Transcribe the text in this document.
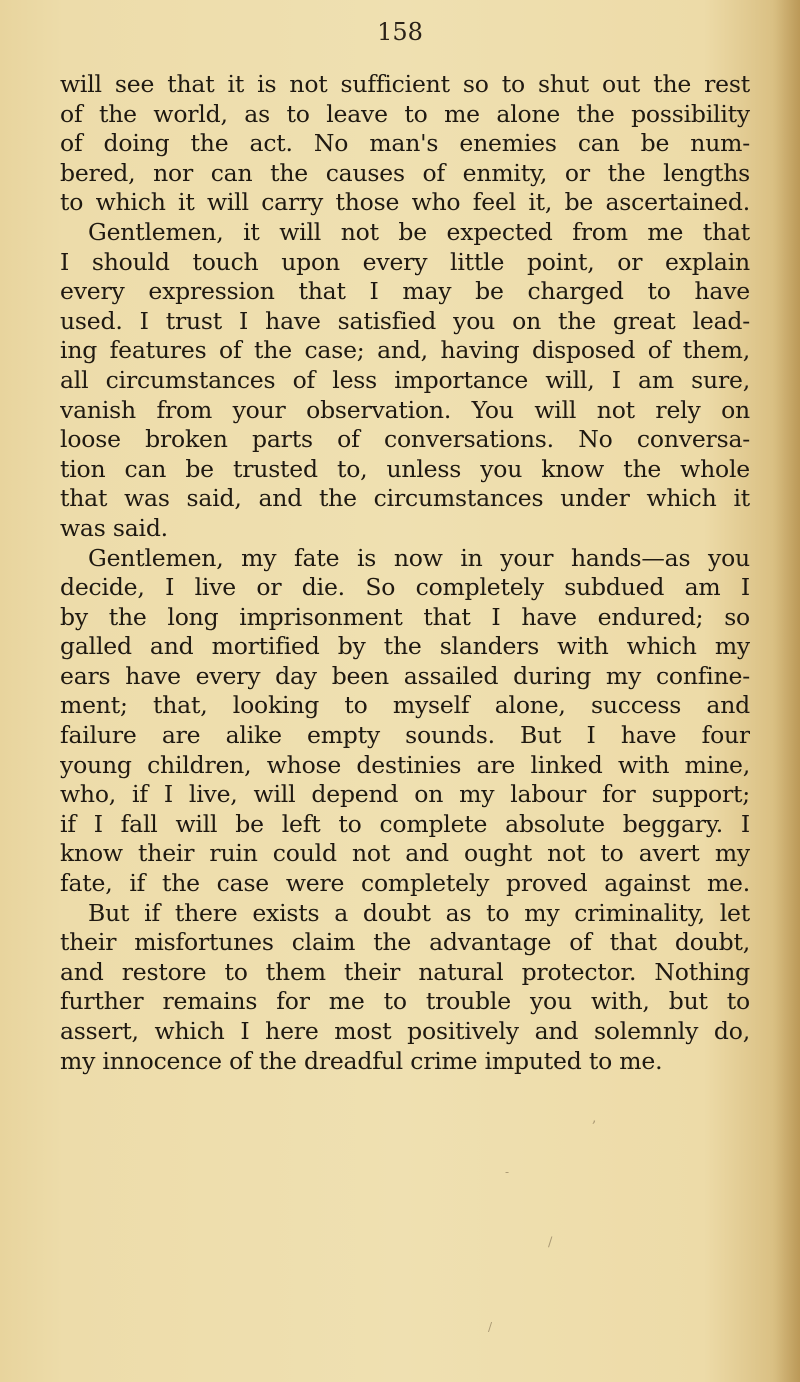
158

will see that it is not sufficient so to shut out the rest
of the world, as to leave to me alone the possibility
of doing the act. No man's enemies can be num-
bered, nor can the causes of enmity, or the lengths
to which it will carry those who feel it, be ascertained.
Gentlemen, it will not be expected from me that
I should touch upon every little point, or explain
every expression that I may be charged to have
used. I trust I have satisfied you on the great lead-
ing features of the case; and, having disposed of them,
all circumstances of less importance will, I am sure,
vanish from your observation. You will not rely on
loose broken parts of conversations. No conversa-
tion can be trusted to, unless you know the whole
that was said, and the circumstances under which it
was said.
Gentlemen, my fate is now in your hands—as you
decide, I live or die. So completely subdued am I
by the long imprisonment that I have endured; so
galled and mortified by the slanders with which my
ears have every day been assailed during my confine-
ment; that, looking to myself alone, success and
failure are alike empty sounds. But I have four
young children, whose destinies are linked with mine,
who, if I live, will depend on my labour for support;
if I fall will be left to complete absolute beggary. I
know their ruin could not and ought not to avert my
fate, if the case were completely proved against me.
But if there exists a doubt as to my criminality, let
their misfortunes claim the advantage of that doubt,
and restore to them their natural protector. Nothing
further remains for me to trouble you with, but to
assert, which I here most positively and solemnly do,
my innocence of the dreadful crime imputed to me.
,
-
/
/
